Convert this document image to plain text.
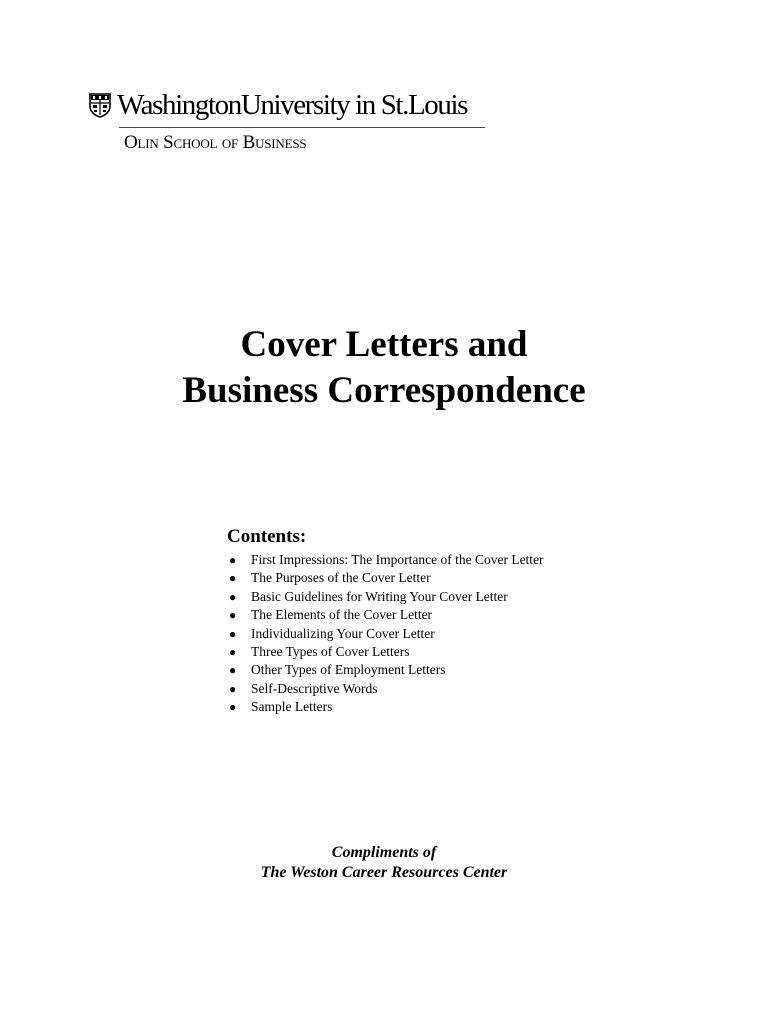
WashingtonUniversity in St.Louis
Olin School of Business
Cover Letters and
Business Correspondence
Contents:
●	First Impressions: The Importance of the Cover Letter
●	The Purposes of the Cover Letter
●	Basic Guidelines for Writing Your Cover Letter
●	The Elements of the Cover Letter
●	Individualizing Your Cover Letter
●	Three Types of Cover Letters
●	Other Types of Employment Letters
●	Self-Descriptive Words
●	Sample Letters
Compliments of
The Weston Career Resources Center
